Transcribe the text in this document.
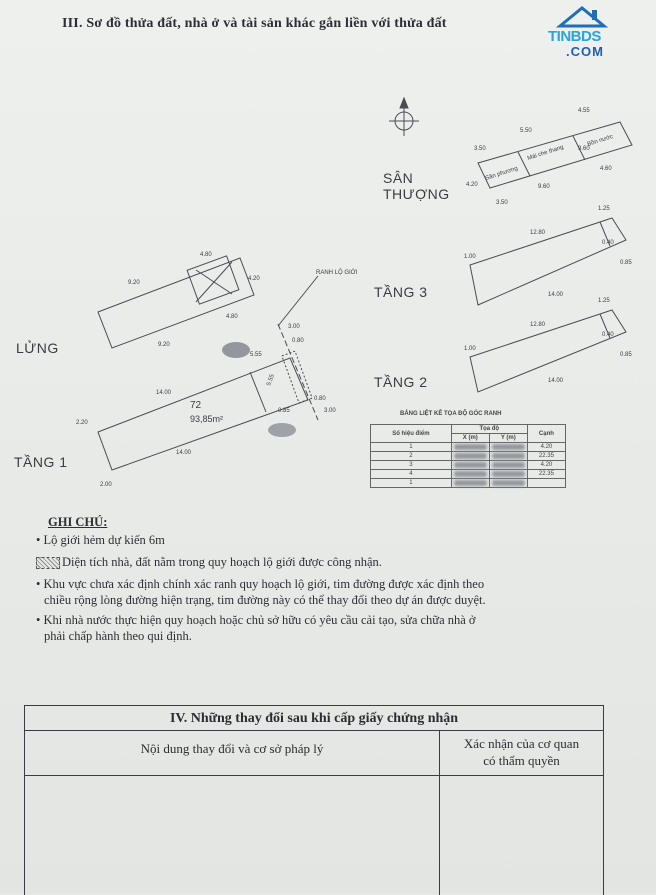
III. Sơ đồ thửa đất, nhà ở và tài sản khác gắn liền với thửa đất
TINBDS
.COM
RANH LỘ GIỚI
72
93,85m²
Sân phương
Mái che thang
Bồn nước
4.55
5.50
3.50
9.60
4.20
9.60
3.50
4.60
12.80
1.25
1.00
14.00
0.85
0.40
12.80
1.25
1.00
14.00
0.85
0.40
4.80
9.20
4.20
9.20
4.80
14.00
2.20
14.00
2.00
3.00
0.80
0.80
0.85	3.00
5.55
5.55
SÂN
THƯỢNG
TẦNG 3
TẦNG 2
LỬNG
TẦNG 1
BẢNG LIỆT KÊ TỌA ĐỘ GÓC RANH
Số hiệu điểm	Tọa độ		Cạnh
	X (m)	Y (m)	
1			4.20
2			22.35
3			4.20
4			22.35
1	

GHI CHÚ:
• Lộ giới hẻm dự kiến 6m
Diện tích nhà, đất nằm trong quy hoạch lộ giới được công nhận.
• Khu vực chưa xác định chính xác ranh quy hoạch lộ giới, tim đường được xác định theo
chiều rộng lòng đường hiện trạng, tim đường này có thể thay đổi theo dự án được duyệt.
• Khi nhà nước thực hiện quy hoạch hoặc chủ sở hữu có yêu cầu cải tạo, sửa chữa nhà ở
phải chấp hành theo qui định.
IV. Những thay đổi sau khi cấp giấy chứng nhận
Nội dung thay đổi và cơ sở pháp lý	Xác nhận của cơ quan
có thẩm quyền
